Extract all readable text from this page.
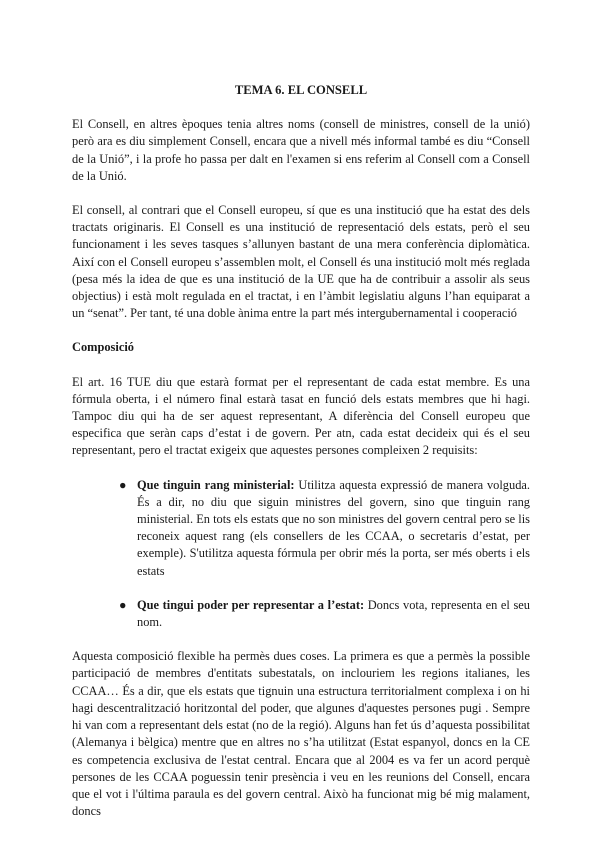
TEMA 6. EL CONSELL

El Consell, en altres èpoques tenia altres noms (consell de ministres, consell de la unió) però ara es diu simplement Consell, encara que a nivell més informal també es diu “Consell de la Unió”, i la profe ho passa per dalt en l'examen si ens referim al Consell com a Consell de la Unió.

El consell, al contrari que el Consell europeu, sí que es una institució que ha estat des dels tractats originaris. El Consell es una institució de representació dels estats, però el seu funcionament i les seves tasques s’allunyen bastant de una mera conferència diplomàtica. Així con el Consell europeu s’assemblen molt, el Consell és una institució molt més reglada (pesa més la idea de que es una institució de la UE que ha de contribuir a assolir als seus objectius) i està molt regulada en el tractat, i en l’àmbit legislatiu alguns l’han equiparat a un “senat”. Per tant, té una doble ànima entre la part més intergubernamental i cooperació

Composició

El art. 16 TUE diu que estarà format per el representant de cada estat membre. Es una fórmula oberta, i el número final estarà tasat en funció dels estats membres que hi hagi. Tampoc diu qui ha de ser aquest representant, A diferència del Consell europeu que especifica que seràn caps d’estat i de govern. Per atn, cada estat decideix qui és el seu representant, pero el tractat exigeix que aquestes persones compleixen 2 requisits:

● Que tinguin rang ministerial: Utilitza aquesta expressió de manera volguda. És a dir, no diu que siguin ministres del govern, sino que tinguin rang ministerial. En tots els estats que no son ministres del govern central pero se lis reconeix aquest rang (els consellers de les CCAA, o secretaris d’estat, per exemple). S'utilitza aquesta fórmula per obrir més la porta, ser més oberts i els estats
● Que tingui poder per representar a l’estat: Doncs vota, representa en el seu nom.

Aquesta composició flexible ha permès dues coses. La primera es que a permès la possible participació de membres d'entitats subestatals, on inclouriem les regions italianes, les CCAA… És a dir, que els estats que tignuin una estructura territorialment complexa i on hi hagi descentralització horitzontal del poder, que algunes d'aquestes persones pugi . Sempre hi van com a representant dels estat (no de la regió). Alguns han fet ús d’aquesta possibilitat (Alemanya i bèlgica) mentre que en altres no s’ha utilitzat (Estat espanyol, doncs en la CE es competencia exclusiva de l'estat central. Encara que al 2004 es va fer un acord perquè persones de les CCAA poguessin tenir presència i veu en les reunions del Consell, encara que el vot i l'última paraula es del govern central. Això ha funcionat mig bé mig malament, doncs
